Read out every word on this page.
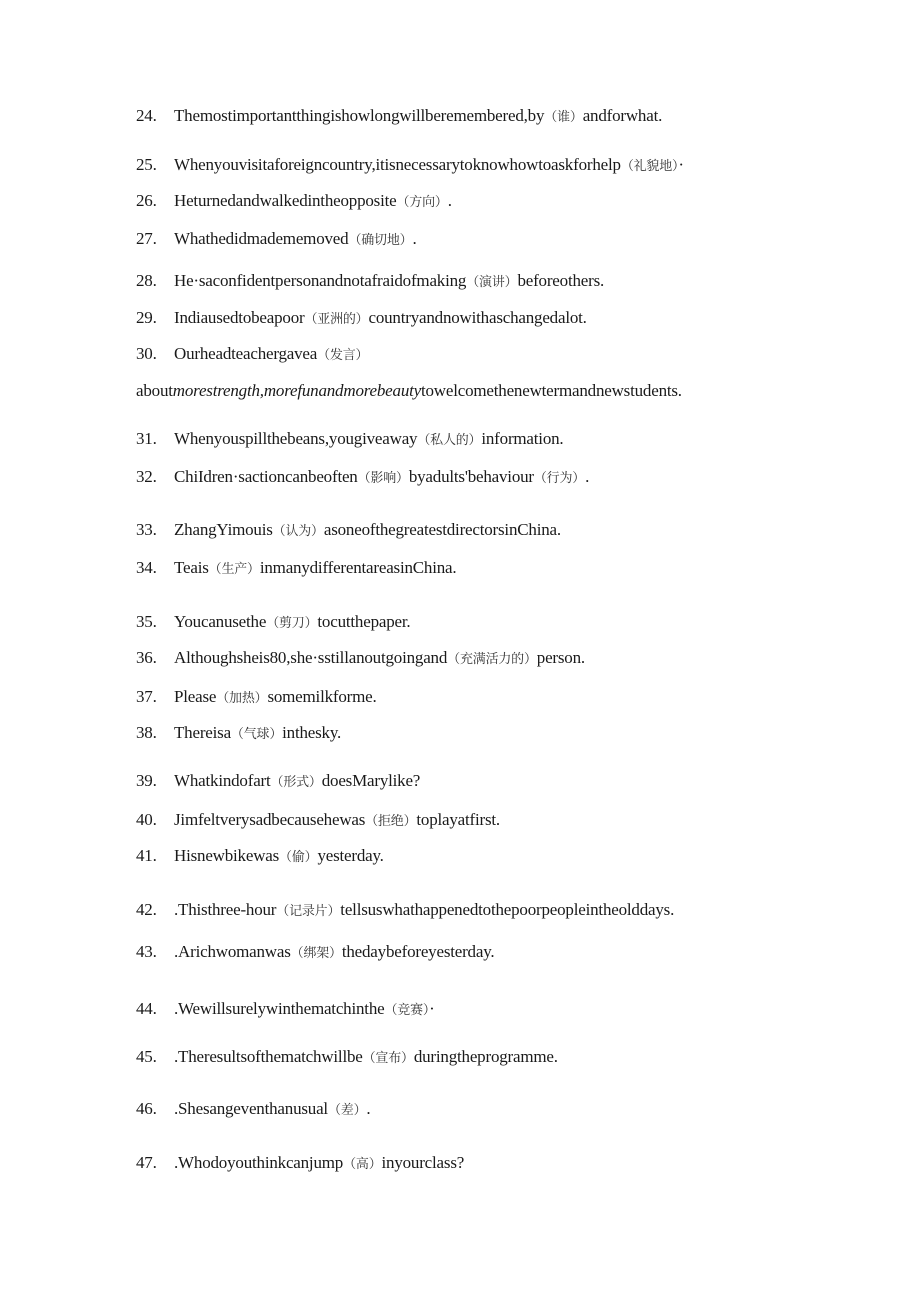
24. Themostimportantthingishowlongwillberemembered,by（谁）andforwhat.
25. Whenyouvisitaforeigncountry,itisnecessarytoknowhowtoaskforhelp（礼貌地）·
26. Heturnedandwalkedintheopposite（方向）.
27. Whathedidmadememoved（确切地）.
28. He·saconfidentpersonandnotafraidofmaking（演讲）beforeothers.
29. Indiausedtobeapoor（亚洲的）countryandnowithaschangedalot.
30. Ourheadteachergavea（发言）
aboutmorestrength,morefunandmorebeautytowelcomethenewtermandnewstudents.
31. Whenyouspillthebeans,yougiveaway（私人的）information.
32. ChiIdren·sactioncanbeoften（影响）byadults'behaviour（行为）.
33. ZhangYimouis（认为）asoneofthegreatestdirectorsinChina.
34. Teais（生产）inmanydifferentareasinChina.
35. Youcanusethe（剪刀）tocutthepaper.
36. Althoughsheis80,she·sstillanoutgoingand（充满活力的）person.
37. Please（加热）somemilkforme.
38. Thereisa（气球）inthesky.
39. Whatkindofart（形式）doesMarylike?
40. Jimfeltverysadbecausehewas（拒绝）toplayatfirst.
41. Hisnewbikewas（偷）yesterday.
42. .Thisthree-hour（记录片）tellsuswhathappenedtothepoorpeopleintheolddays.
43. .Arichwomanwas（绑架）thedaybeforeyesterday.
44. .Wewillsurelywinthematchinthe（竞赛）·
45. .Theresultsofthematchwillbe（宣布）duringtheprogramme.
46. .Shesangeventhanusual（差）.
47. .Whodoyouthinkcanjump（高）inyourclass?
